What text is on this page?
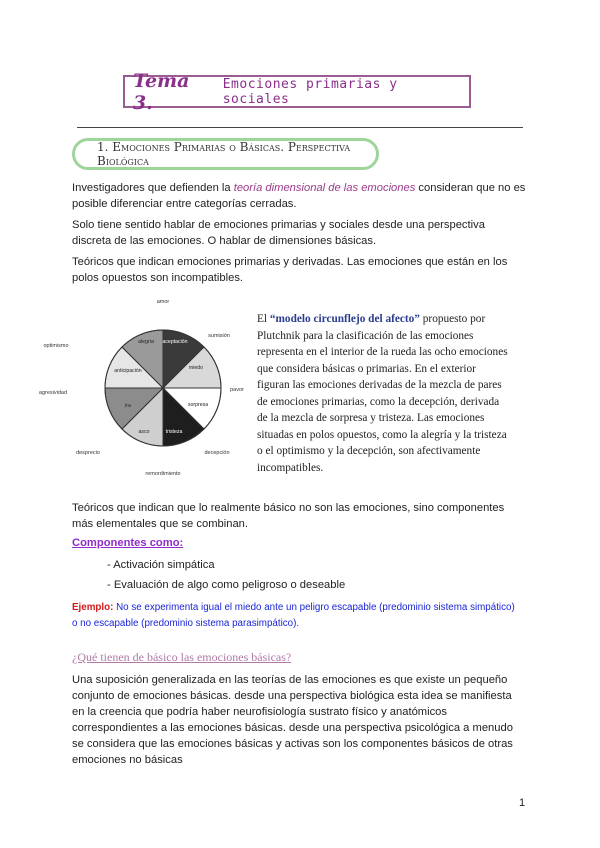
Tema 3.
Emociones primarias y sociales
1. Emociones Primarias o Básicas. Perspectiva Biológica
Investigadores que defienden la teoría dimensional de las emociones consideran que no es posible diferenciar entre categorías cerradas.
Solo tiene sentido hablar de emociones primarias y sociales desde una perspectiva discreta de las emociones. O hablar de dimensiones básicas.
Teóricos que indican emociones primarias y derivadas. Las emociones que están en los polos opuestos son incompatibles.
aceptación
miedo
sorpresa
tristeza
asco
ira
anticipación
alegría
amor
sumisión
pavor
decepción
remordimiento
desprecio
agresividad
optimismo
El “modelo circunflejo del afecto” propuesto por Plutchnik para la clasificación de las emociones representa en el interior de la rueda las ocho emociones que considera básicas o primarias. En el exterior figuran las emociones derivadas de la mezcla de pares de emociones primarias, como la decepción, derivada de la mezcla de sorpresa y tristeza. Las emociones situadas en polos opuestos, como la alegría y la tristeza o el optimismo y la decepción, son afectivamente incompatibles.
Teóricos que indican que lo realmente básico no son las emociones, sino componentes más elementales que se combinan.
Componentes como:
- Activación simpática
- Evaluación de algo como peligroso o deseable
Ejemplo: No se experimenta igual el miedo ante un peligro escapable (predominio sistema simpático) o no escapable (predominio sistema parasimpático).
¿Qué tienen de básico las emociones básicas?
Una suposición generalizada en las teorías de las emociones es que existe un pequeño conjunto de emociones básicas. desde una perspectiva biológica esta idea se manifiesta en la creencia que podría haber neurofisiología sustrato físico y anatómicos correspondientes a las emociones básicas. desde una perspectiva psicológica a menudo se considera que las emociones básicas y activas son los componentes básicos de otras emociones no básicas
1
